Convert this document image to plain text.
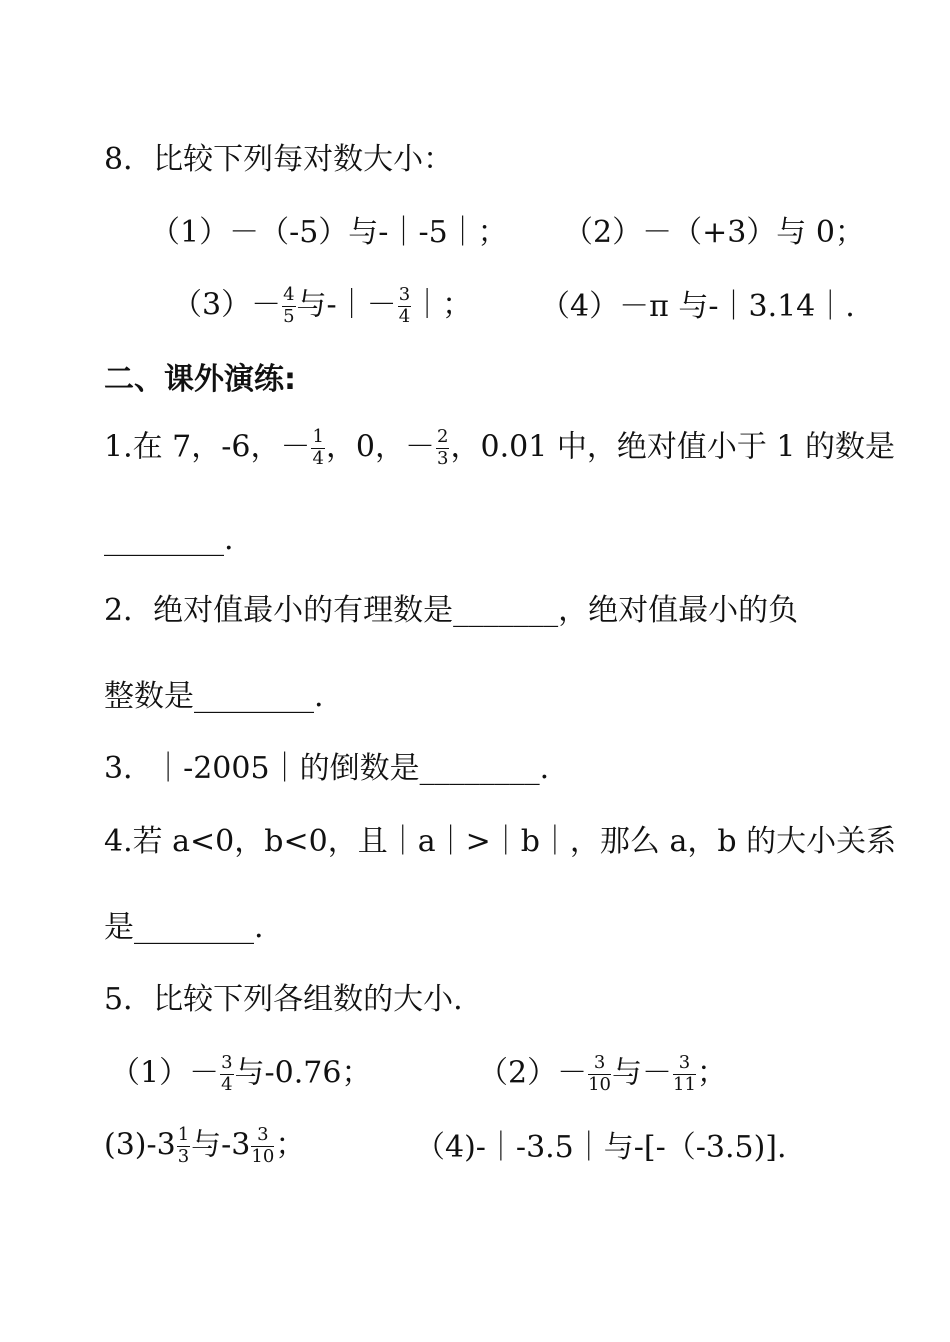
8．比较下列每对数大小：
（1）－（-5）与-｜-5｜； （2）－（+3）与 0；
$(3)- \frac{4}{5}$ 与-｜－ $\frac{3}{4}$ ｜； （4）－π 与-｜3.14｜.
二、课外演练:
1.在 7，-6，－ $\frac{1}{4}$ ，0，－ $\frac{2}{3}$ ，0.01 中，绝对值小于 1 的数是
________.
2．绝对值最小的有理数是_______，绝对值最小的负
整数是________.
3．｜-2005｜的倒数是________.
4.若 a<0，b<0，且｜a｜>｜b｜，那么 a，b 的大小关系
是________.
5．比较下列各组数的大小.
$(1)- \frac{3}{4}$ 与-0.76；	$(2)- \frac{3}{10}$ 与－ $\frac{3}{11}$ ；
$(3)-3 \frac{1}{3}$ 与$-3 \frac{3}{10}$ ；	（4)-｜-3.5｜与-[-（-3.5)].
